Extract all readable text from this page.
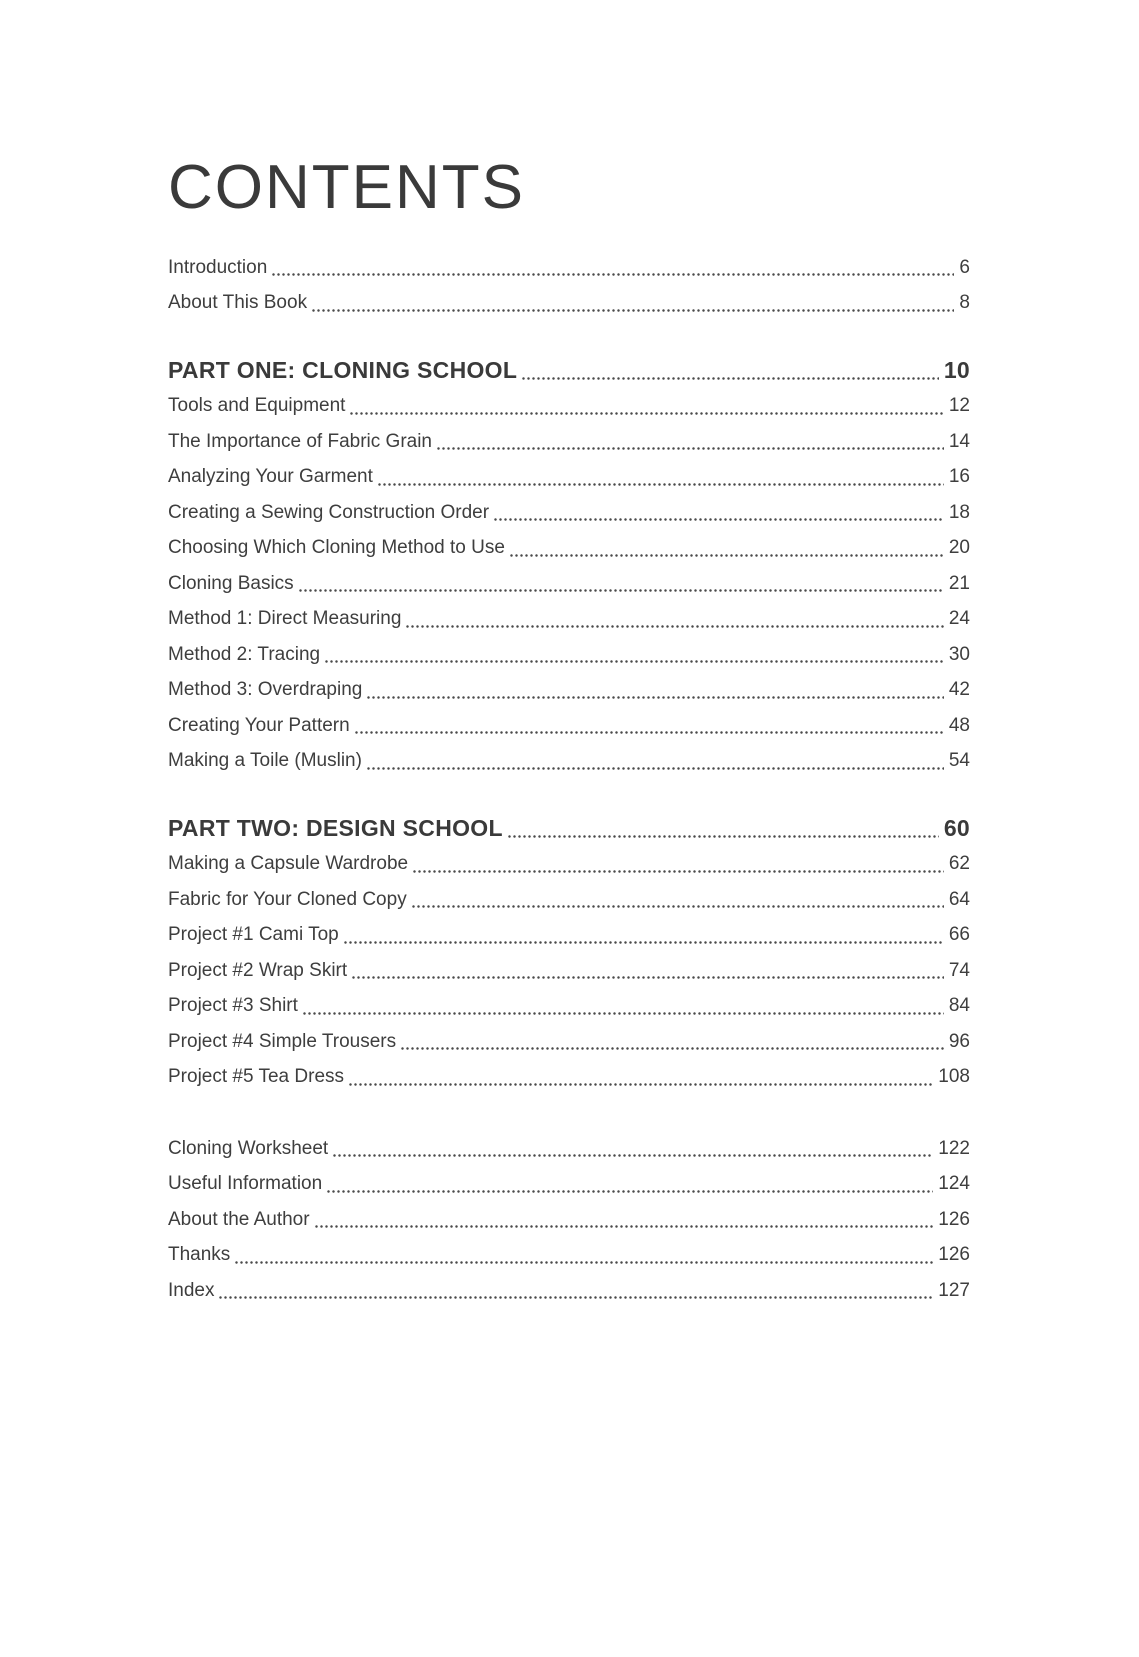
CONTENTS
Introduction	6
About This Book	8
PART ONE: CLONING SCHOOL	10
Tools and Equipment	12
The Importance of Fabric Grain	14
Analyzing Your Garment	16
Creating a Sewing Construction Order	18
Choosing Which Cloning Method to Use	20
Cloning Basics	21
Method 1: Direct Measuring	24
Method 2: Tracing	30
Method 3: Overdraping	42
Creating Your Pattern	48
Making a Toile (Muslin)	54
PART TWO: DESIGN SCHOOL	60
Making a Capsule Wardrobe	62
Fabric for Your Cloned Copy	64
Project #1 Cami Top	66
Project #2 Wrap Skirt	74
Project #3 Shirt	84
Project #4 Simple Trousers	96
Project #5 Tea Dress	108
Cloning Worksheet	122
Useful Information	124
About the Author	126
Thanks	126
Index	127
